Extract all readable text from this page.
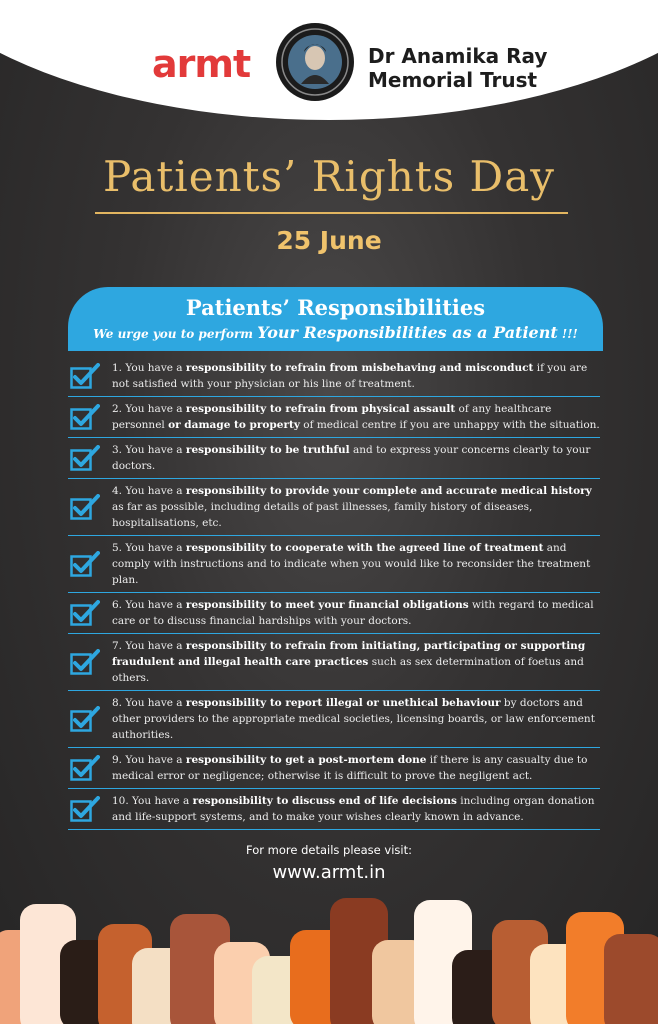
armt	Dr Anamika Ray
Memorial Trust
Patients’ Rights Day
25 June
Patients’ Responsibilities
We urge you to perform Your Responsibilities as a Patient !!!
1. You have a responsibility to refrain from misbehaving and misconduct if you are not satisfied with your physician or his line of treatment.
2. You have a responsibility to refrain from physical assault of any healthcare personnel or damage to property of medical centre if you are unhappy with the situation.
3. You have a responsibility to be truthful and to express your concerns clearly to your doctors.
4. You have a responsibility to provide your complete and accurate medical history as far as possible, including details of past illnesses, family history of diseases, hospitalisations, etc.
5. You have a responsibility to cooperate with the agreed line of treatment and comply with instructions and to indicate when you would like to reconsider the treatment plan.
6. You have a responsibility to meet your financial obligations with regard to medical care or to discuss financial hardships with your doctors.
7. You have a responsibility to refrain from initiating, participating or supporting fraudulent and illegal health care practices such as sex determination of foetus and others.
8. You have a responsibility to report illegal or unethical behaviour by doctors and other providers to the appropriate medical societies, licensing boards, or law enforcement authorities.
9. You have a responsibility to get a post-mortem done if there is any casualty due to medical error or negligence; otherwise it is difficult to prove the negligent act.
10. You have a responsibility to discuss end of life decisions including organ donation and life-support systems, and to make your wishes clearly known in advance.
For more details please visit:
www.armt.in
